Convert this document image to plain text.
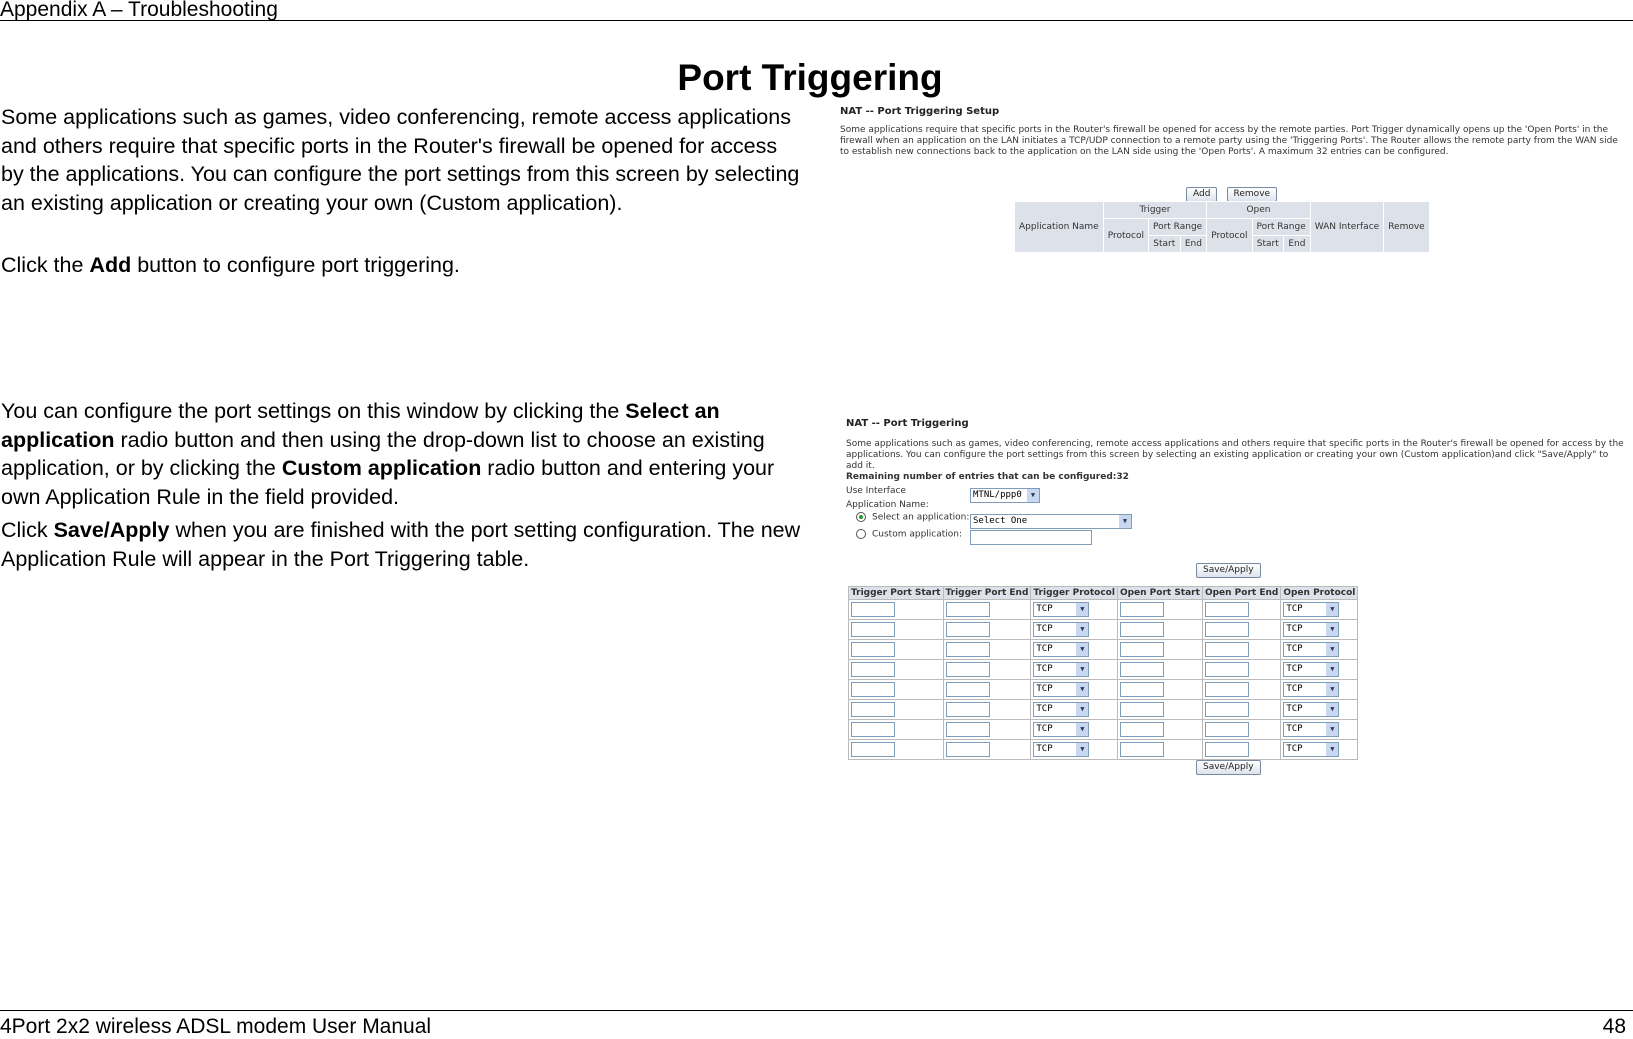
Appendix A – Troubleshooting
Port Triggering

Some applications such as games, video conferencing, remote access applications and others require that specific ports in the Router's firewall be opened for access by the applications. You can configure the port settings from this screen by selecting an existing application or creating your own (Custom application).

Click the Add button to configure port triggering.

You can configure the port settings on this window by clicking the Select an application radio button and then using the drop-down list to choose an existing application, or by clicking the Custom application radio button and entering your own Application Rule in the field provided.

Click Save/Apply when you are finished with the port setting configuration. The new Application Rule will appear in the Port Triggering table.

NAT -- Port Triggering Setup
Some applications require that specific ports in the Router's firewall be opened for access by the remote parties. Port Trigger dynamically opens up the 'Open Ports' in the firewall when an application on the LAN initiates a TCP/UDP connection to a remote party using the 'Triggering Ports'. The Router allows the remote party from the WAN side to establish new connections back to the application on the LAN side using the 'Open Ports'. A maximum 32 entries can be configured.
Add	Remove
Application Name	Trigger			Open			WAN Interface	Remove
	Protocol	Port Range		Protocol	Port Range			
		Start	End		Start	End		
NAT -- Port Triggering
Some applications such as games, video conferencing, remote access applications and others require that specific ports in the Router's firewall be opened for access by the applications. You can configure the port settings from this screen by selecting an existing application or creating your own (Custom application)and click "Save/Apply" to add it.
Remaining number of entries that can be configured:32
Use Interface	MTNL/ppp0	▼
Application Name:
Select an application: Select One	▼
Custom application:
Save/Apply
Trigger Port Start	Trigger Port End	Trigger Protocol	Open Port Start	Open Port End	Open Protocol
		TCP ▼			TCP ▼

		TCP ▼			TCP ▼

		TCP ▼			TCP ▼

		TCP ▼			TCP ▼

		TCP ▼			TCP ▼

		TCP ▼			TCP ▼

		TCP ▼			TCP ▼

		TCP ▼			TCP ▼
Save/Apply
4Port 2x2 wireless ADSL modem User Manual	48
